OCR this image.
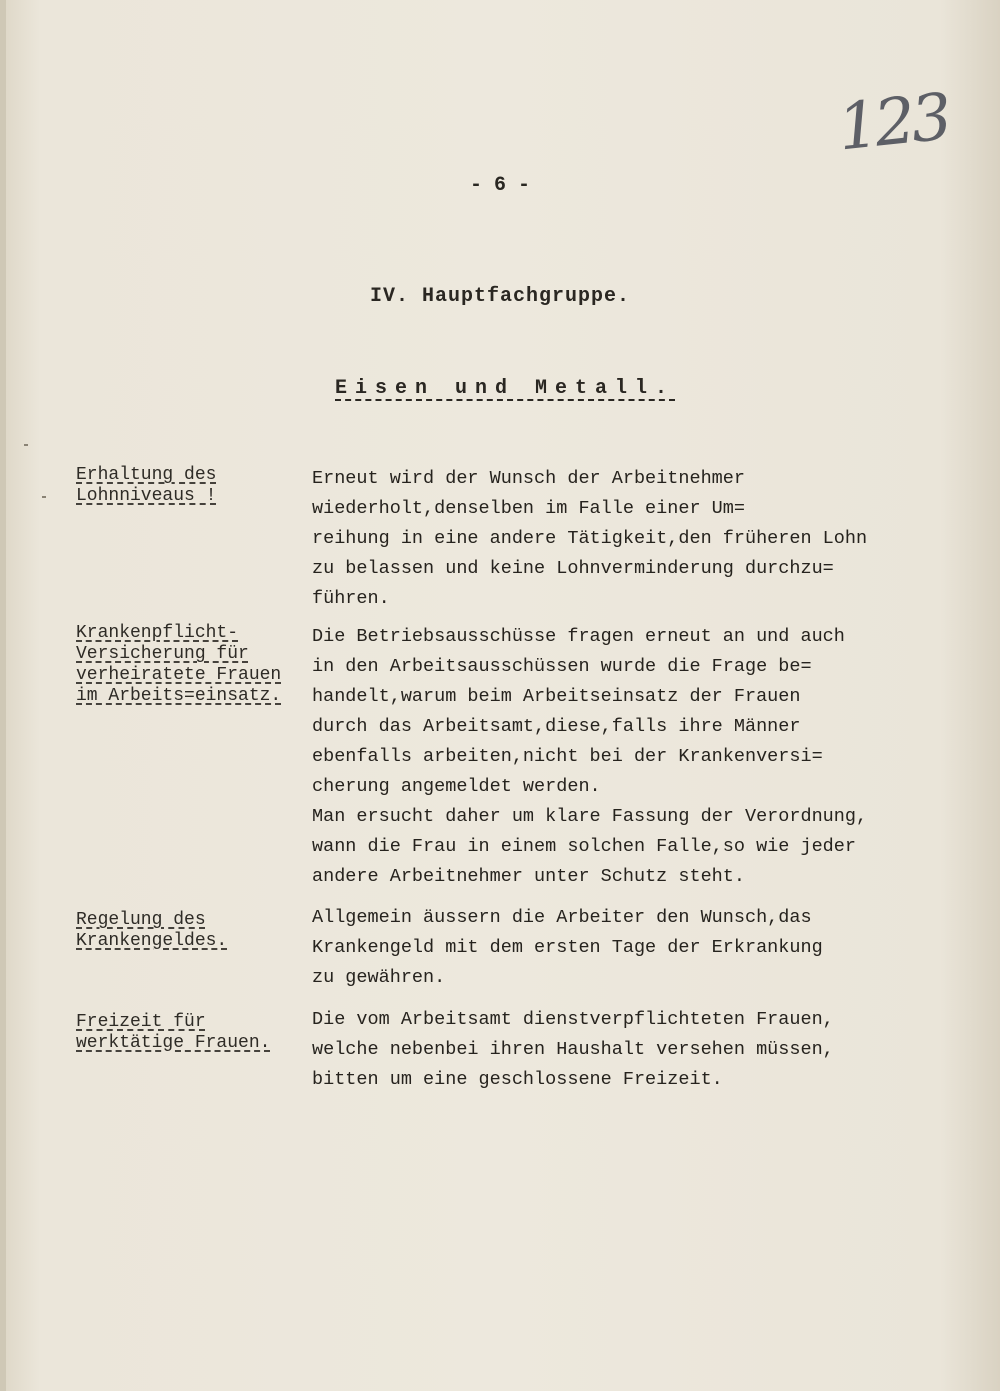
123
- 6 -
IV. Hauptfachgruppe.
Eisen und Metall.
Erhaltung des Lohnniveaus !
Erneut wird der Wunsch der Arbeitnehmer
wiederholt,denselben im Falle einer Um=
reihung in eine andere Tätigkeit,den früheren Lohn
zu belassen und keine Lohnverminderung durchzu=
führen.
Krankenpflicht-Versicherung für verheiratete Frauen im Arbeits=einsatz.
Die Betriebsausschüsse fragen erneut an und auch
in den Arbeitsausschüssen wurde die Frage be=
handelt,warum beim Arbeitseinsatz der Frauen
durch das Arbeitsamt,diese,falls ihre Männer
ebenfalls arbeiten,nicht bei der Krankenversi=
cherung angemeldet werden.
Man ersucht daher um klare Fassung der Verordnung,
wann die Frau in einem solchen Falle,so wie jeder
andere Arbeitnehmer unter Schutz steht.
Regelung des Krankengeldes.
Allgemein äussern die Arbeiter den Wunsch,das
Krankengeld mit dem ersten Tage der Erkrankung
zu gewähren.
Freizeit für werktätige Frauen.
Die vom Arbeitsamt dienstverpflichteten Frauen,
welche nebenbei ihren Haushalt versehen müssen,
bitten um eine geschlossene Freizeit.
